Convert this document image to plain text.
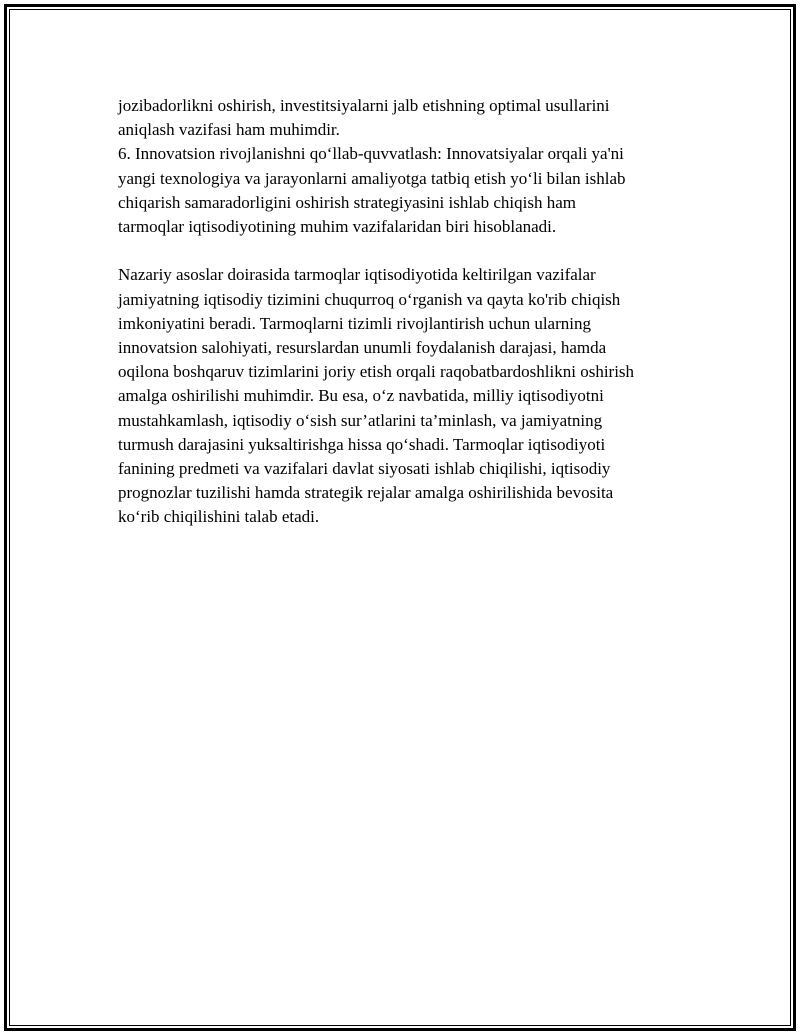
jozibadorlikni oshirish, investitsiyalarni jalb etishning optimal usullarini
aniqlash vazifasi ham muhimdir.
6. Innovatsion rivojlanishni qo‘llab-quvvatlash: Innovatsiyalar orqali ya'ni
yangi texnologiya va jarayonlarni amaliyotga tatbiq etish yo‘li bilan ishlab
chiqarish samaradorligini oshirish strategiyasini ishlab chiqish ham
tarmoqlar iqtisodiyotining muhim vazifalaridan biri hisoblanadi.
Nazariy asoslar doirasida tarmoqlar iqtisodiyotida keltirilgan vazifalar
jamiyatning iqtisodiy tizimini chuqurroq o‘rganish va qayta ko'rib chiqish
imkoniyatini beradi. Tarmoqlarni tizimli rivojlantirish uchun ularning
innovatsion salohiyati, resurslardan unumli foydalanish darajasi, hamda
oqilona boshqaruv tizimlarini joriy etish orqali raqobatbardoshlikni oshirish
amalga oshirilishi muhimdir. Bu esa, o‘z navbatida, milliy iqtisodiyotni
mustahkamlash, iqtisodiy o‘sish sur’atlarini ta’minlash, va jamiyatning
turmush darajasini yuksaltirishga hissa qo‘shadi. Tarmoqlar iqtisodiyoti
fanining predmeti va vazifalari davlat siyosati ishlab chiqilishi, iqtisodiy
prognozlar tuzilishi hamda strategik rejalar amalga oshirilishida bevosita
ko‘rib chiqilishini talab etadi.
